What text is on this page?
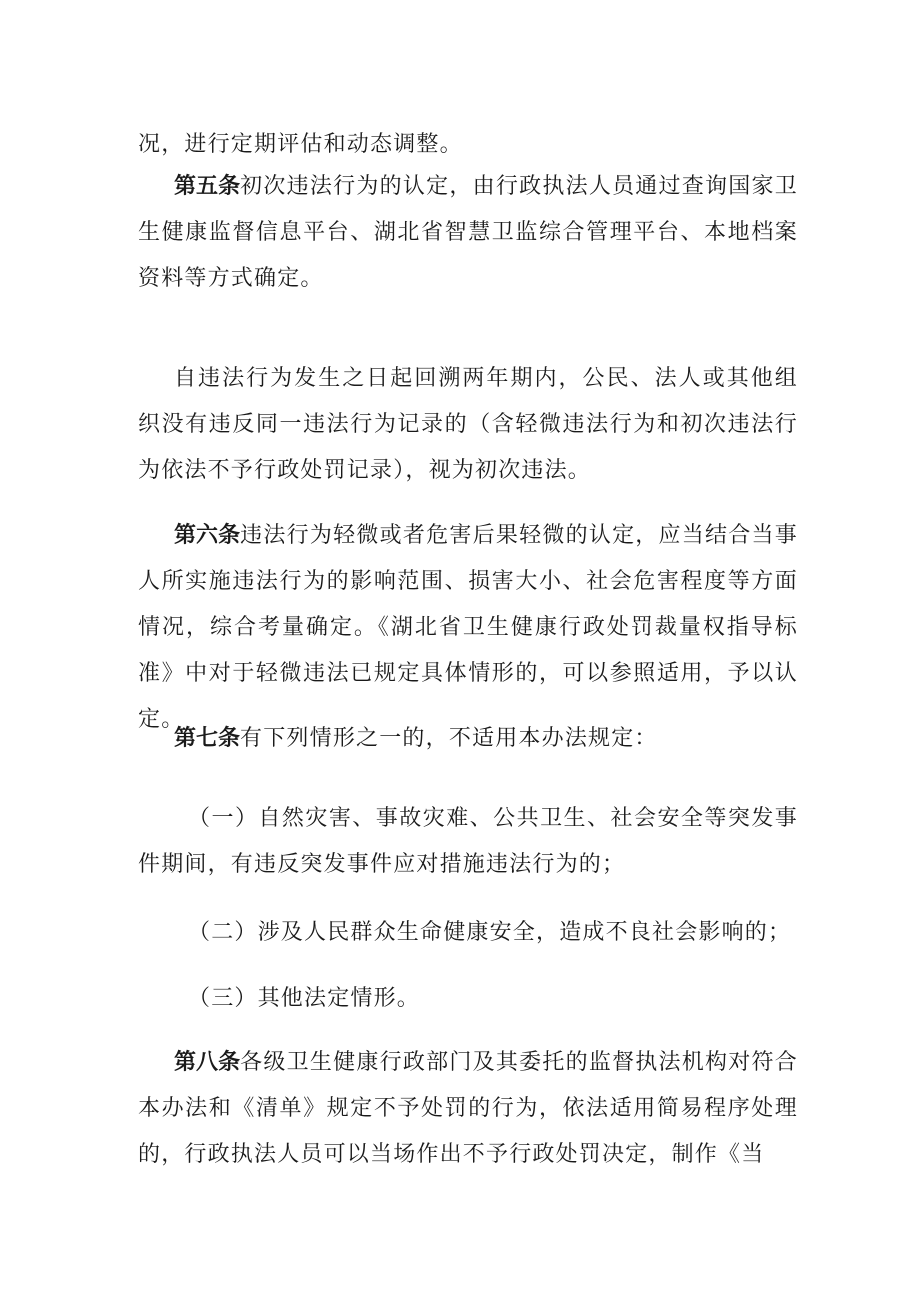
况，进行定期评估和动态调整。

第五条初次违法行为的认定，由行政执法人员通过查询国家卫生健康监督信息平台、湖北省智慧卫监综合管理平台、本地档案资料等方式确定。

自违法行为发生之日起回溯两年期内，公民、法人或其他组织没有违反同一违法行为记录的（含轻微违法行为和初次违法行为依法不予行政处罚记录），视为初次违法。

第六条违法行为轻微或者危害后果轻微的认定，应当结合当事人所实施违法行为的影响范围、损害大小、社会危害程度等方面情况，综合考量确定。《湖北省卫生健康行政处罚裁量权指导标准》中对于轻微违法已规定具体情形的，可以参照适用，予以认定。

第七条有下列情形之一的，不适用本办法规定：

（一）自然灾害、事故灾难、公共卫生、社会安全等突发事件期间，有违反突发事件应对措施违法行为的；

（二）涉及人民群众生命健康安全，造成不良社会影响的；

（三）其他法定情形。

第八条各级卫生健康行政部门及其委托的监督执法机构对符合本办法和《清单》规定不予处罚的行为，依法适用简易程序处理的，行政执法人员可以当场作出不予行政处罚决定，制作《当
